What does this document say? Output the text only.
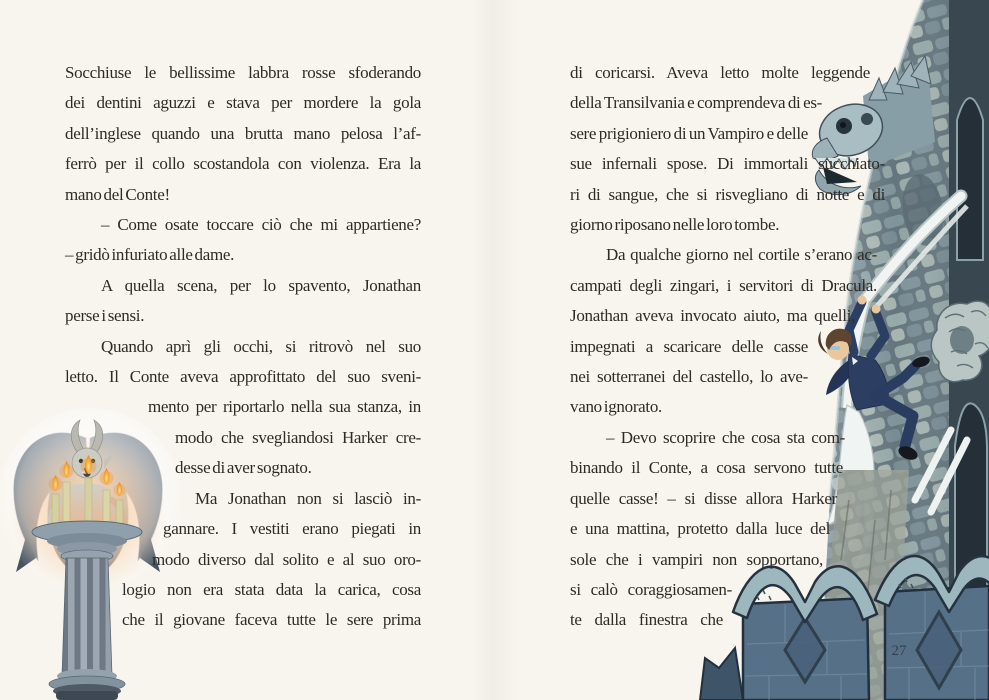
Socchiuse le bellissime labbra rosse sfoderando
dei dentini aguzzi e stava per mordere la gola
dell’inglese quando una brutta mano pelosa l’af-
ferrò per il collo scostandola con violenza. Era la
mano del Conte!
– Come osate toccare ciò che mi appartiene?
– gridò infuriato alle dame.
A quella scena, per lo spavento, Jonathan
perse i sensi.
Quando aprì gli occhi, si ritrovò nel suo
letto. Il Conte aveva approfittato del suo sveni-
mento per riportarlo nella sua stanza, in
modo che svegliandosi Harker cre-
desse di aver sognato.
Ma Jonathan non si lasciò in-
gannare. I vestiti erano piegati in
modo diverso dal solito e al suo oro-
logio non era stata data la carica, cosa
che il giovane faceva tutte le sere prima
di coricarsi. Aveva letto molte leggende
della Transilvania e comprendeva di es-
sere prigioniero di un Vampiro e delle
sue infernali spose. Di immortali succhiato-
ri di sangue, che si risvegliano di notte e di
giorno riposano nelle loro tombe.
Da qualche giorno nel cortile s’erano ac-
campati degli zingari, i servitori di Dracula.
Jonathan aveva invocato aiuto, ma quelli,
impegnati a scaricare delle casse
nei sotterranei del castello, lo ave-
vano ignorato.
– Devo scoprire che cosa sta com-
binando il Conte, a cosa servono tutte
quelle casse! – si disse allora Harker
e una mattina, protetto dalla luce del
sole che i vampiri non sopportano,
si calò coraggiosamen-
te dalla finestra che
27
